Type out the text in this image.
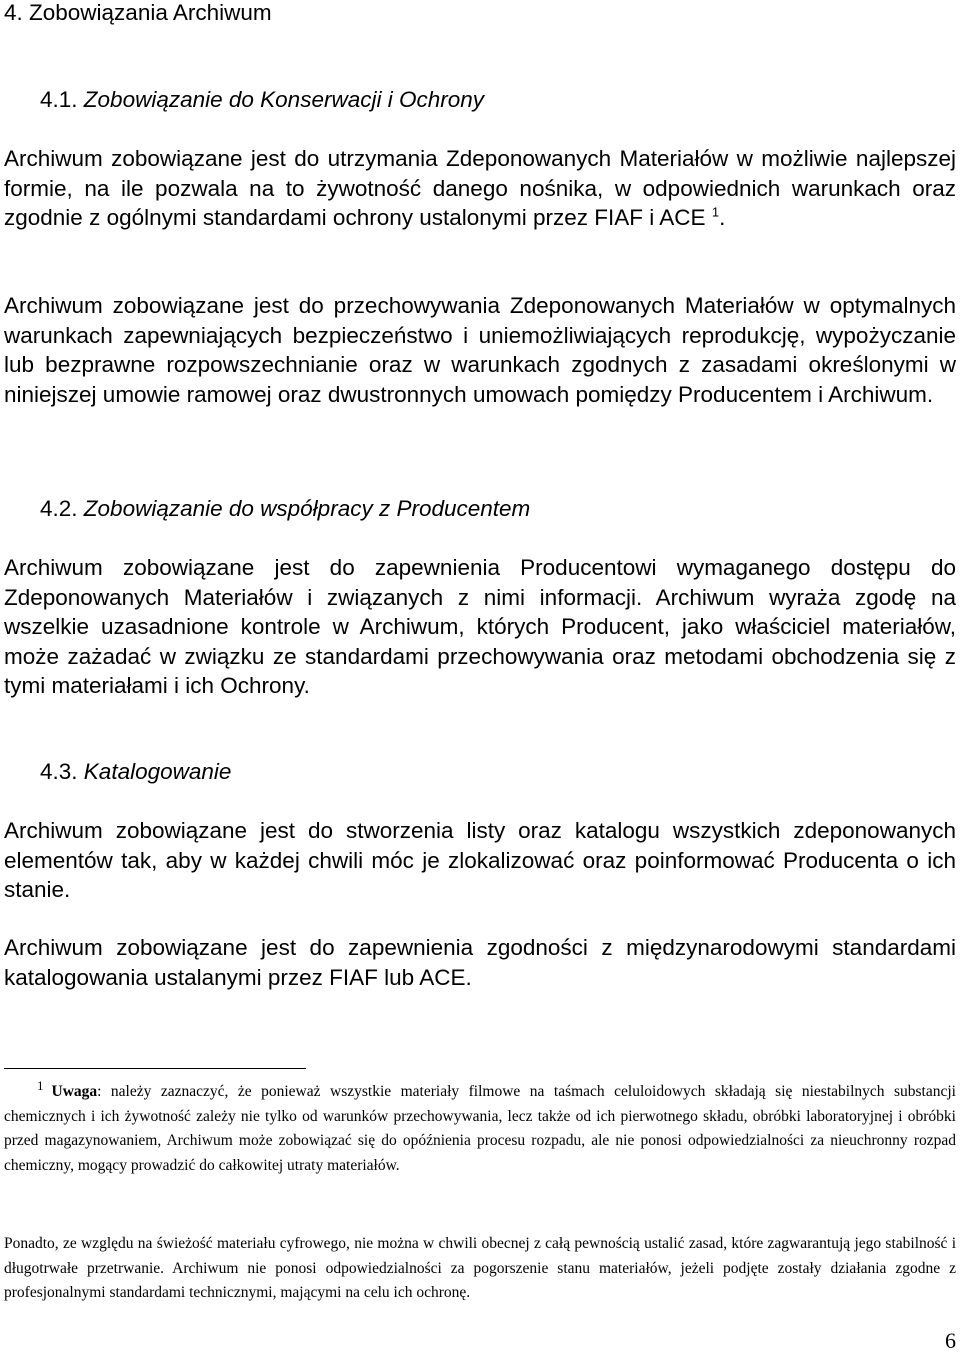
4. Zobowiązania Archiwum
4.1. Zobowiązanie do Konserwacji i Ochrony

Archiwum zobowiązane jest do utrzymania Zdeponowanych Materiałów w możliwie najlepszej formie, na ile pozwala na to żywotność danego nośnika, w odpowiednich warunkach oraz zgodnie z ogólnymi standardami ochrony ustalonymi przez FIAF i ACE $^1$.

Archiwum zobowiązane jest do przechowywania Zdeponowanych Materiałów w optymalnych warunkach zapewniających bezpieczeństwo i uniemożliwiających reprodukcję, wypożyczanie lub bezprawne rozpowszechnianie oraz w warunkach zgodnych z zasadami określonymi w niniejszej umowie ramowej oraz dwustronnych umowach pomiędzy Producentem i Archiwum.

4.2. Zobowiązanie do współpracy z Producentem

Archiwum zobowiązane jest do zapewnienia Producentowi wymaganego dostępu do Zdeponowanych Materiałów i związanych z nimi informacji. Archiwum wyraża zgodę na wszelkie uzasadnione kontrole w Archiwum, których Producent, jako właściciel materiałów, może zażadać w związku ze standardami przechowywania oraz metodami obchodzenia się z tymi materiałami i ich Ochrony.

4.3. Katalogowanie

Archiwum zobowiązane jest do stworzenia listy oraz katalogu wszystkich zdeponowanych elementów tak, aby w każdej chwili móc je zlokalizować oraz poinformować Producenta o ich stanie.

Archiwum zobowiązane jest do zapewnienia zgodności z międzynarodowymi standardami katalogowania ustalanymi przez FIAF lub ACE.

$^1$ Uwaga: należy zaznaczyć, że ponieważ wszystkie materiały filmowe na taśmach celuloidowych składają się niestabilnych substancji chemicznych i ich żywotność zależy nie tylko od warunków przechowywania, lecz także od ich pierwotnego składu, obróbki laboratoryjnej i obróbki przed magazynowaniem, Archiwum może zobowiązać się do opóźnienia procesu rozpadu, ale nie ponosi odpowiedzialności za nieuchronny rozpad chemiczny, mogący prowadzić do całkowitej utraty materiałów.

Ponadto, ze względu na świeżość materiału cyfrowego, nie można w chwili obecnej z całą pewnością ustalić zasad, które zagwarantują jego stabilność i długotrwałe przetrwanie. Archiwum nie ponosi odpowiedzialności za pogorszenie stanu materiałów, jeżeli podjęte zostały działania zgodne z profesjonalnymi standardami technicznymi, mającymi na celu ich ochronę.

6
